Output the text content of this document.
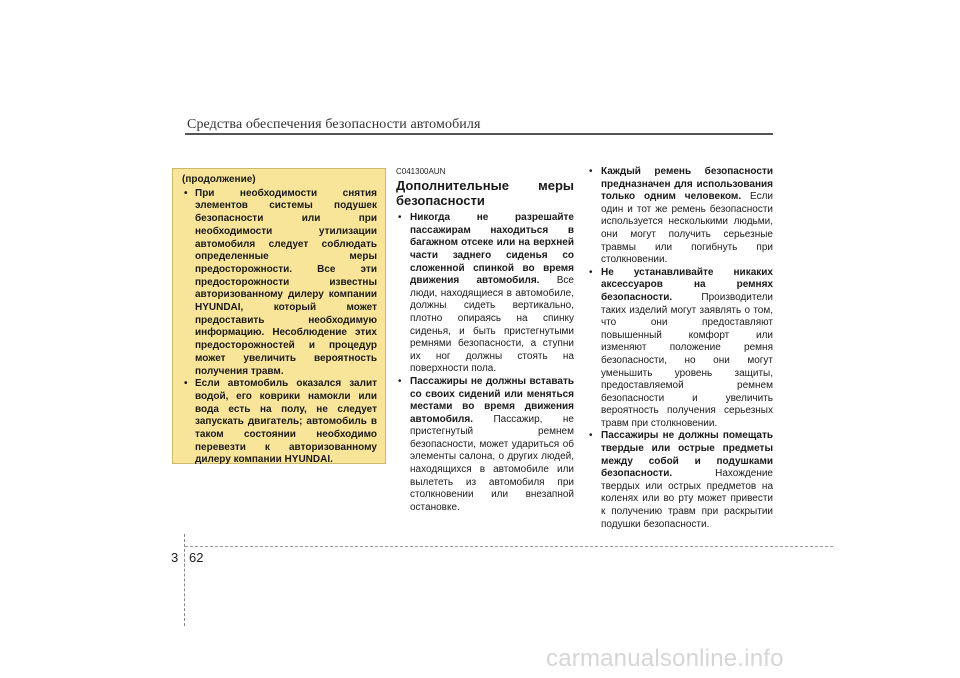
Средства обеспечения безопасности автомобиля
(продолжение)
• При необходимости снятия элементов системы подушек безопасности или при необходимости утилизации автомобиля следует соблюдать определенные меры предосторожности. Все эти предосторожности известны авторизованному дилеру компании HYUNDAI, который может предоставить необходимую информацию. Несоблюдение этих предосторожностей и процедур может увеличить вероятность получения травм.
• Если автомобиль оказался залит водой, его коврики намокли или вода есть на полу, не следует запускать двигатель; автомобиль в таком состоянии необходимо перевезти к авторизованному дилеру компании HYUNDAI.
C041300AUN
Дополнительные меры безопасности
• Никогда не разрешайте пассажирам находиться в багажном отсеке или на верхней части заднего сиденья со сложенной спинкой во время движения автомобиля. Все люди, находящиеся в автомобиле, должны сидеть вертикально, плотно опираясь на спинку сиденья, и быть пристегнутыми ремнями безопасности, а ступни их ног должны стоять на поверхности пола.
• Пассажиры не должны вставать со своих сидений или меняться местами во время движения автомобиля. Пассажир, не пристегнутый ремнем безопасности, может удариться об элементы салона, о других людей, находящихся в автомобиле или вылететь из автомобиля при столкновении или внезапной остановке.
• Каждый ремень безопасности предназначен для использования только одним человеком. Если один и тот же ремень безопасности используется несколькими людьми, они могут получить серьезные травмы или погибнуть при столкновении.
• Не устанавливайте никаких аксессуаров на ремнях безопасности. Производители таких изделий могут заявлять о том, что они предоставляют повышенный комфорт или изменяют положение ремня безопасности, но они могут уменьшить уровень защиты, предоставляемой ремнем безопасности и увеличить вероятность получения серьезных травм при столкновении.
• Пассажиры не должны помещать твердые или острые предметы между собой и подушками безопасности. Нахождение твердых или острых предметов на коленях или во рту может привести к получению травм при раскрытии подушки безопасности.
3 62
carmanualsonline.info
